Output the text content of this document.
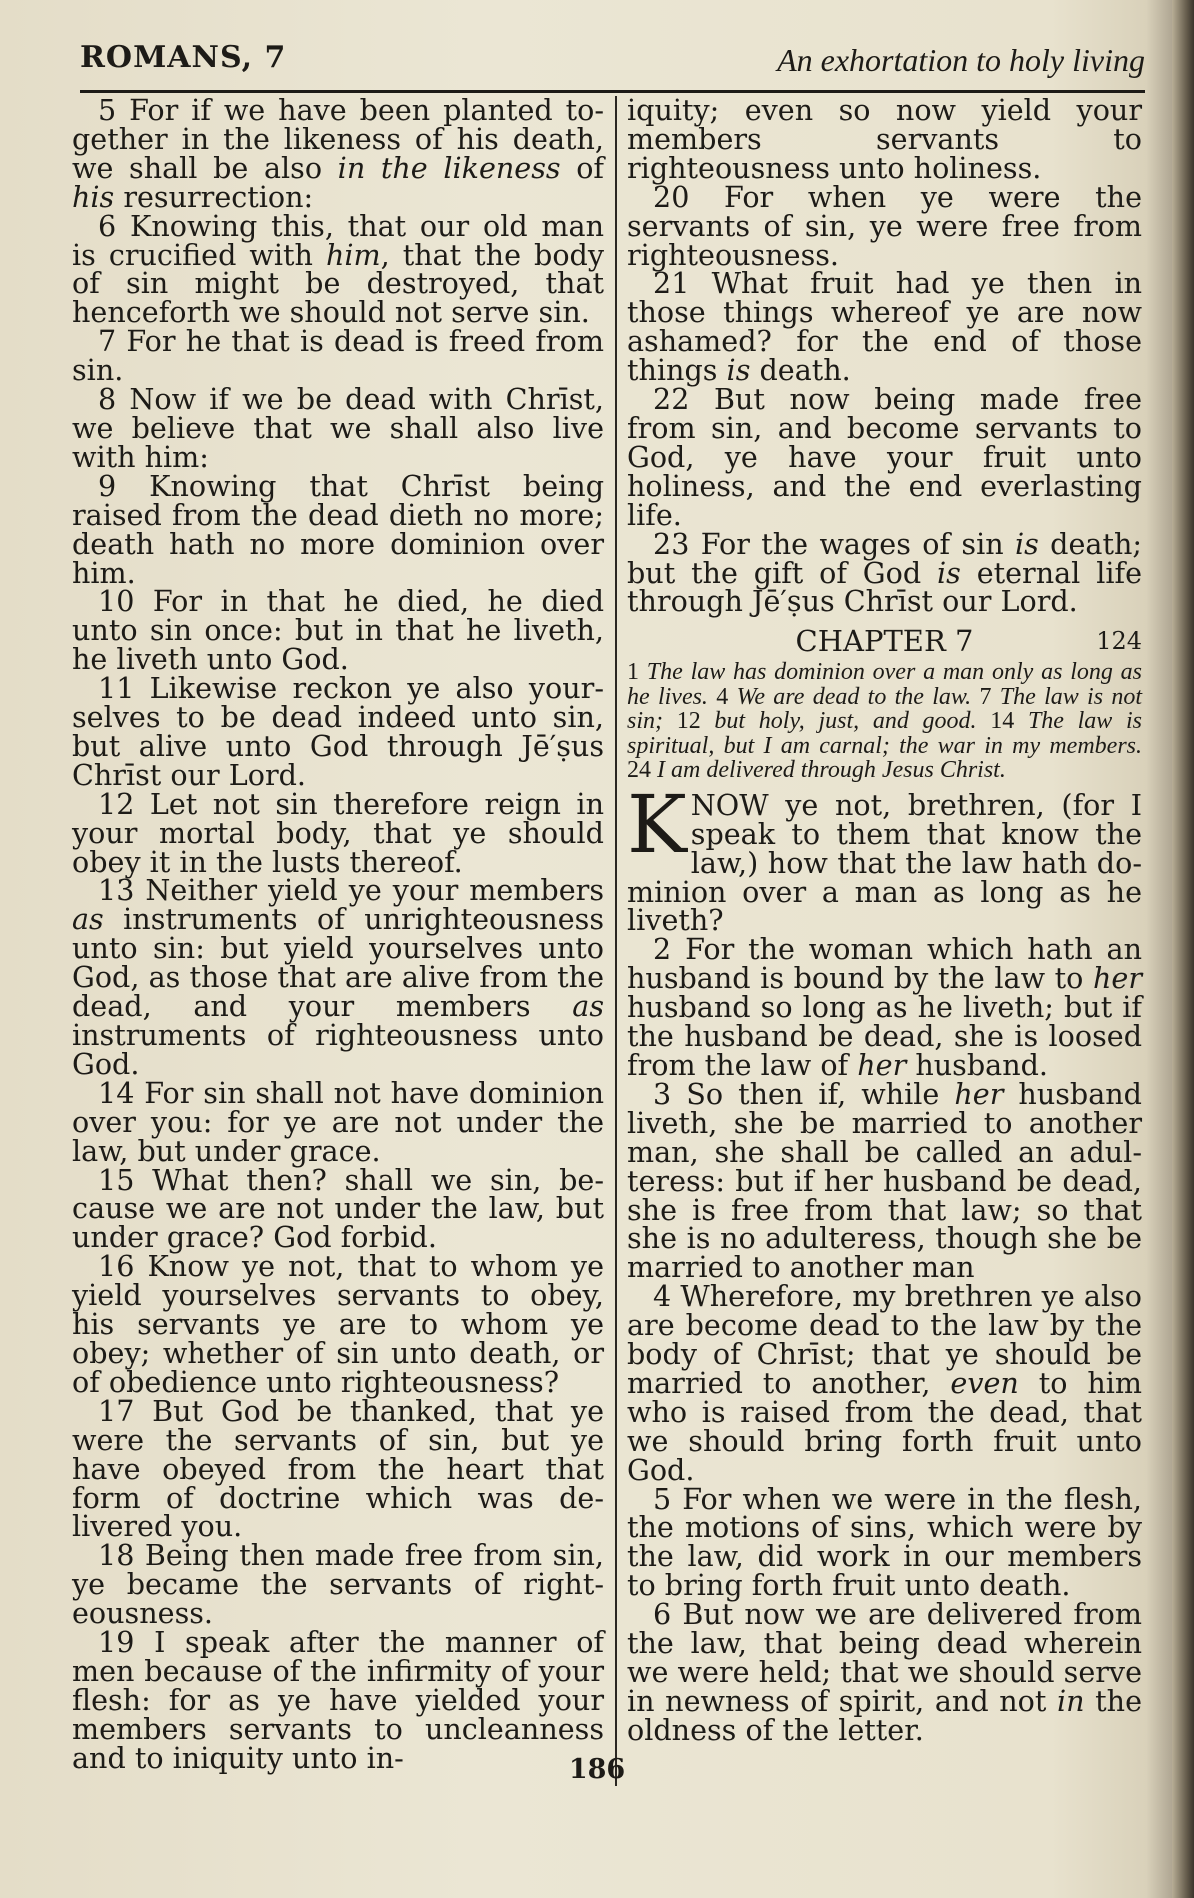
ROMANS, 7	An exhortation to holy living

5 For if we have been planted together in the likeness of his death, we shall be also in the likeness of his resurrection:

6 Knowing this, that our old man is crucified with him, that the body of sin might be destroyed, that henceforth we should not serve sin.

7 For he that is dead is freed from sin.

8 Now if we be dead with Chrīst, we believe that we shall also live with him:

9 Knowing that Chrīst being raised from the dead dieth no more; death hath no more dominion over him.

10 For in that he died, he died unto sin once: but in that he liveth, he liveth unto God.

11 Likewise reckon ye also yourselves to be dead indeed unto sin, but alive unto God through Jē′ṣus Chrīst our Lord.

12 Let not sin therefore reign in your mortal body, that ye should obey it in the lusts thereof.

13 Neither yield ye your members as instruments of unrighteousness unto sin: but yield yourselves unto God, as those that are alive from the dead, and your members as instruments of righteousness unto God.

14 For sin shall not have dominion over you: for ye are not under the law, but under grace.

15 What then? shall we sin, because we are not under the law, but under grace? God forbid.

16 Know ye not, that to whom ye yield yourselves servants to obey, his servants ye are to whom ye obey; whether of sin unto death, or of obedience unto righteousness?

17 But God be thanked, that ye were the servants of sin, but ye have obeyed from the heart that form of doctrine which was delivered you.

18 Being then made free from sin, ye became the servants of righteousness.

19 I speak after the manner of men because of the infirmity of your flesh: for as ye have yielded your members servants to uncleanness and to iniquity unto in-

iquity; even so now yield your members servants to righteousness unto holiness.

20 For when ye were the servants of sin, ye were free from righteousness.

21 What fruit had ye then in those things whereof ye are now ashamed? for the end of those things is death.

22 But now being made free from sin, and become servants to God, ye have your fruit unto holiness, and the end everlasting life.

23 For the wages of sin is death; but the gift of God is eternal life through Jē′ṣus Chrīst our Lord.

CHAPTER 7	124
1 The law has dominion over a man only as long as he lives. 4 We are dead to the law. 7 The law is not sin; 12 but holy, just, and good. 14 The law is spiritual, but I am carnal; the war in my members. 24 I am delivered through Jesus Christ.

KNOW ye not, brethren, (for I speak to them that know the law,) how that the law hath dominion over a man as long as he liveth?

2 For the woman which hath an husband is bound by the law to her husband so long as he liveth; but if the husband be dead, she is loosed from the law of her husband.

3 So then if, while her husband liveth, she be married to another man, she shall be called an adulteress: but if her husband be dead, she is free from that law; so that she is no adulteress, though she be married to another man

4 Wherefore, my brethren ye also are become dead to the law by the body of Chrīst; that ye should be married to another, even to him who is raised from the dead, that we should bring forth fruit unto God.

5 For when we were in the flesh, the motions of sins, which were by the law, did work in our members to bring forth fruit unto death.

6 But now we are delivered from the law, that being dead wherein we were held; that we should serve in newness of spirit, and not in the oldness of the letter.

186
